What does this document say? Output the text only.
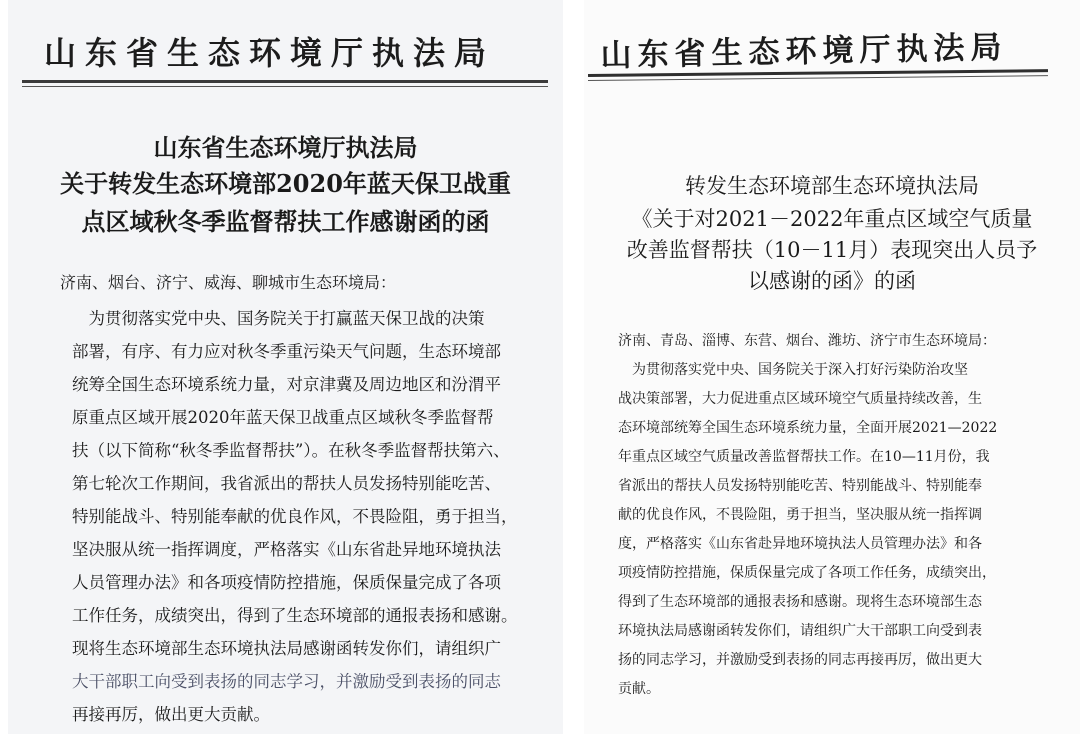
山东省生态环境厅执法局
山东省生态环境厅执法局
关于转发生态环境部2020年蓝天保卫战重
点区域秋冬季监督帮扶工作感谢函的函
济南、烟台、济宁、威海、聊城市生态环境局：
　为贯彻落实党中央、国务院关于打赢蓝天保卫战的决策
部署，有序、有力应对秋冬季重污染天气问题，生态环境部
统筹全国生态环境系统力量，对京津冀及周边地区和汾渭平
原重点区域开展2020年蓝天保卫战重点区域秋冬季监督帮
扶（以下简称“秋冬季监督帮扶”）。在秋冬季监督帮扶第六、
第七轮次工作期间，我省派出的帮扶人员发扬特别能吃苦、
特别能战斗、特别能奉献的优良作风，不畏险阻，勇于担当，
坚决服从统一指挥调度，严格落实《山东省赴异地环境执法
人员管理办法》和各项疫情防控措施，保质保量完成了各项
工作任务，成绩突出，得到了生态环境部的通报表扬和感谢。
现将生态环境部生态环境执法局感谢函转发你们，请组织广
大干部职工向受到表扬的同志学习，并激励受到表扬的同志
再接再厉，做出更大贡献。
山东省生态环境厅执法局
转发生态环境部生态环境执法局
《关于对2021－2022年重点区域空气质量
改善监督帮扶（10－11月）表现突出人员予
以感谢的函》的函
济南、青岛、淄博、东营、烟台、潍坊、济宁市生态环境局：
　为贯彻落实党中央、国务院关于深入打好污染防治攻坚
战决策部署，大力促进重点区域环境空气质量持续改善，生
态环境部统筹全国生态环境系统力量，全面开展2021—2022
年重点区域空气质量改善监督帮扶工作。在10—11月份，我
省派出的帮扶人员发扬特别能吃苦、特别能战斗、特别能奉
献的优良作风，不畏险阻，勇于担当，坚决服从统一指挥调
度，严格落实《山东省赴异地环境执法人员管理办法》和各
项疫情防控措施，保质保量完成了各项工作任务，成绩突出，
得到了生态环境部的通报表扬和感谢。现将生态环境部生态
环境执法局感谢函转发你们，请组织广大干部职工向受到表
扬的同志学习，并激励受到表扬的同志再接再厉，做出更大
贡献。
